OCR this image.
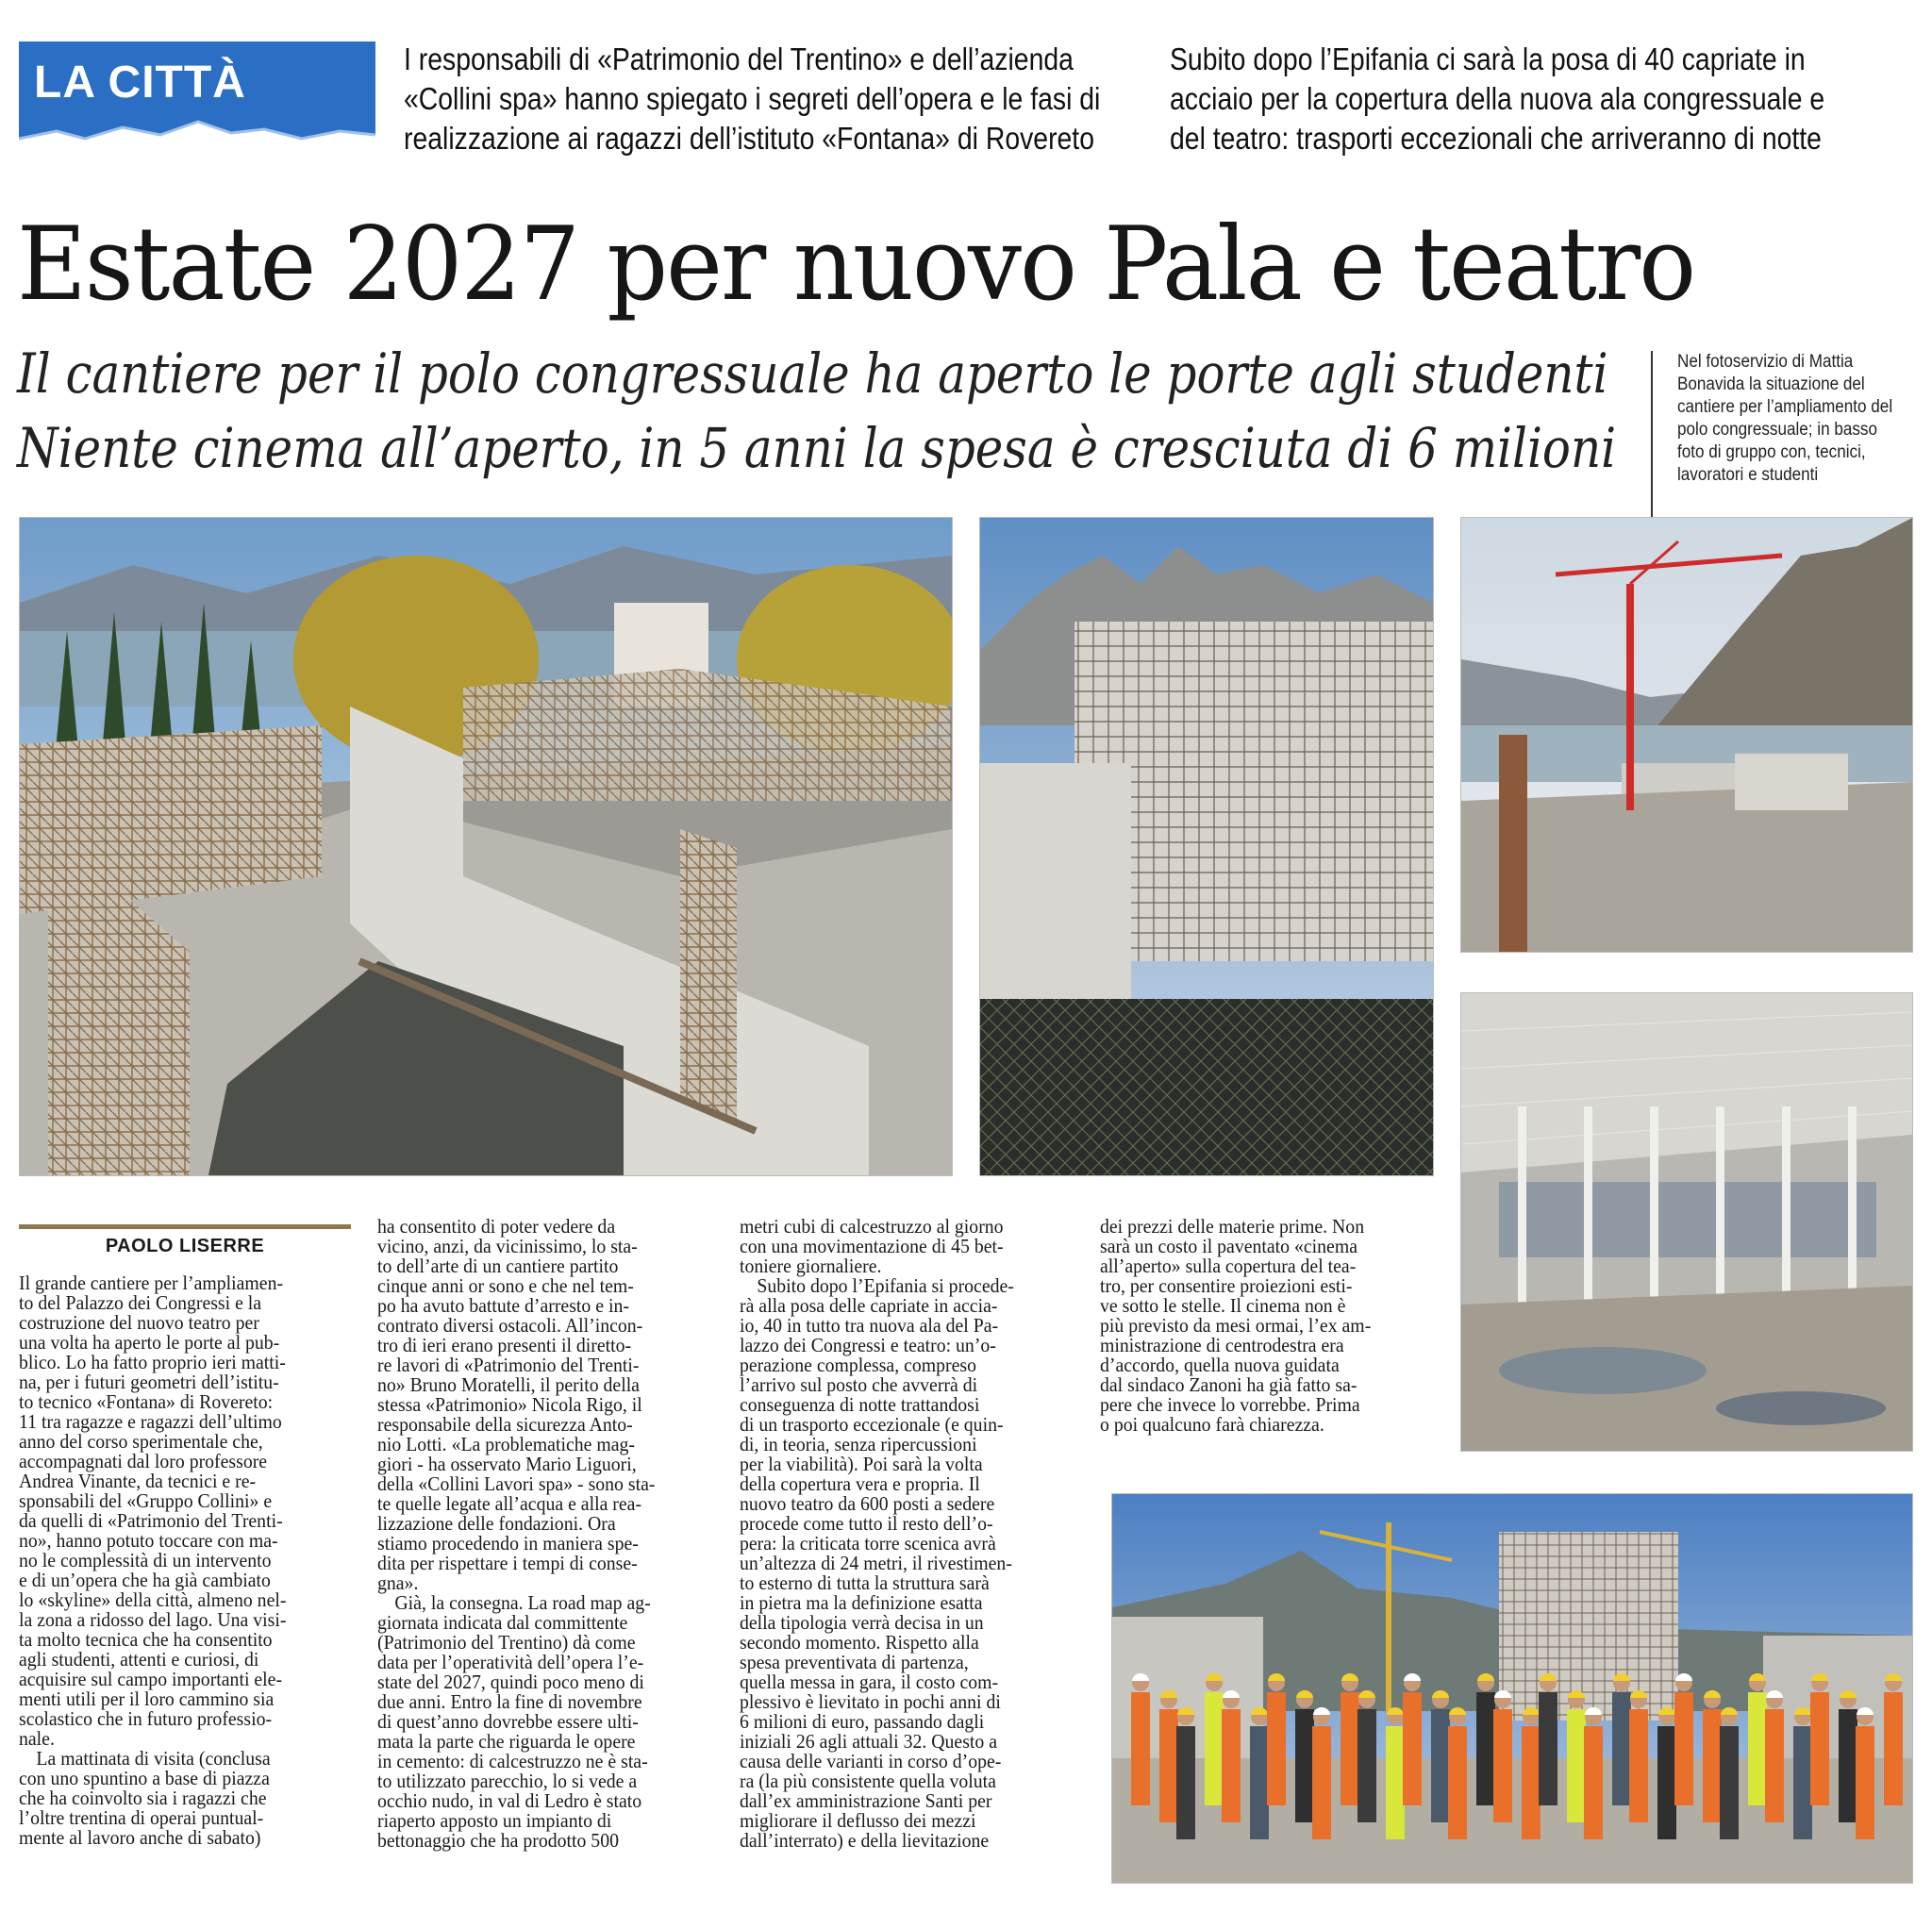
LA CITTÀ	I responsabili di «Patrimonio del Trentino» e dell’azienda

«Collini spa» hanno spiegato i segreti dell’opera e le fasi di

realizzazione ai ragazzi dell’istituto «Fontana» di Rovereto

Subito dopo l’Epifania ci sarà la posa di 40 capriate in

acciaio per la copertura della nuova ala congressuale e

del teatro: trasporti eccezionali che arriveranno di notte

Estate 2027 per nuovo Pala e teatro
Il cantiere per il polo congressuale ha aperto le porte agli studenti
Niente cinema all’aperto, in 5 anni la spesa è cresciuta di 6 milioni

Nel fotoservizio di Mattia

Bonavida la situazione del

cantiere per l’ampliamento del

polo congressuale; in basso

foto di gruppo con, tecnici,

lavoratori e studenti

PAOLO LISERRE

Il grande cantiere per l’ampliamen-

to del Palazzo dei Congressi e la

costruzione del nuovo teatro per

una volta ha aperto le porte al pub-

blico. Lo ha fatto proprio ieri matti-

na, per i futuri geometri dell’istitu-

to tecnico «Fontana» di Rovereto:

11 tra ragazze e ragazzi dell’ultimo

anno del corso sperimentale che,

accompagnati dal loro professore

Andrea Vinante, da tecnici e re-

sponsabili del «Gruppo Collini» e

da quelli di «Patrimonio del Trenti-

no», hanno potuto toccare con ma-

no le complessità di un intervento

e di un’opera che ha già cambiato

lo «skyline» della città, almeno nel-

la zona a ridosso del lago. Una visi-

ta molto tecnica che ha consentito

agli studenti, attenti e curiosi, di

acquisire sul campo importanti ele-

menti utili per il loro cammino sia

scolastico che in futuro professio-

nale.

La mattinata di visita (conclusa

con uno spuntino a base di piazza

che ha coinvolto sia i ragazzi che

l’oltre trentina di operai puntual-

mente al lavoro anche di sabato)

ha consentito di poter vedere da

vicino, anzi, da vicinissimo, lo sta-

to dell’arte di un cantiere partito

cinque anni or sono e che nel tem-

po ha avuto battute d’arresto e in-

contrato diversi ostacoli. All’incon-

tro di ieri erano presenti il diretto-

re lavori di «Patrimonio del Trenti-

no» Bruno Moratelli, il perito della

stessa «Patrimonio» Nicola Rigo, il

responsabile della sicurezza Anto-

nio Lotti. «La problematiche mag-

giori - ha osservato Mario Liguori,

della «Collini Lavori spa» - sono sta-

te quelle legate all’acqua e alla rea-

lizzazione delle fondazioni. Ora

stiamo procedendo in maniera spe-

dita per rispettare i tempi di conse-

gna».

Già, la consegna. La road map ag-

giornata indicata dal committente

(Patrimonio del Trentino) dà come

data per l’operatività dell’opera l’e-

state del 2027, quindi poco meno di

due anni. Entro la fine di novembre

di quest’anno dovrebbe essere ulti-

mata la parte che riguarda le opere

in cemento: di calcestruzzo ne è sta-

to utilizzato parecchio, lo si vede a

occhio nudo, in val di Ledro è stato

riaperto apposto un impianto di

bettonaggio che ha prodotto 500

metri cubi di calcestruzzo al giorno

con una movimentazione di 45 bet-

toniere giornaliere.

Subito dopo l’Epifania si procede-

rà alla posa delle capriate in accia-

io, 40 in tutto tra nuova ala del Pa-

lazzo dei Congressi e teatro: un’o-

perazione complessa, compreso

l’arrivo sul posto che avverrà di

conseguenza di notte trattandosi

di un trasporto eccezionale (e quin-

di, in teoria, senza ripercussioni

per la viabilità). Poi sarà la volta

della copertura vera e propria. Il

nuovo teatro da 600 posti a sedere

procede come tutto il resto dell’o-

pera: la criticata torre scenica avrà

un’altezza di 24 metri, il rivestimen-

to esterno di tutta la struttura sarà

in pietra ma la definizione esatta

della tipologia verrà decisa in un

secondo momento. Rispetto alla

spesa preventivata di partenza,

quella messa in gara, il costo com-

plessivo è lievitato in pochi anni di

6 milioni di euro, passando dagli

iniziali 26 agli attuali 32. Questo a

causa delle varianti in corso d’ope-

ra (la più consistente quella voluta

dall’ex amministrazione Santi per

migliorare il deflusso dei mezzi

dall’interrato) e della lievitazione

dei prezzi delle materie prime. Non

sarà un costo il paventato «cinema

all’aperto» sulla copertura del tea-

tro, per consentire proiezioni esti-

ve sotto le stelle. Il cinema non è

più previsto da mesi ormai, l’ex am-

ministrazione di centrodestra era

d’accordo, quella nuova guidata

dal sindaco Zanoni ha già fatto sa-

pere che invece lo vorrebbe. Prima

o poi qualcuno farà chiarezza.
